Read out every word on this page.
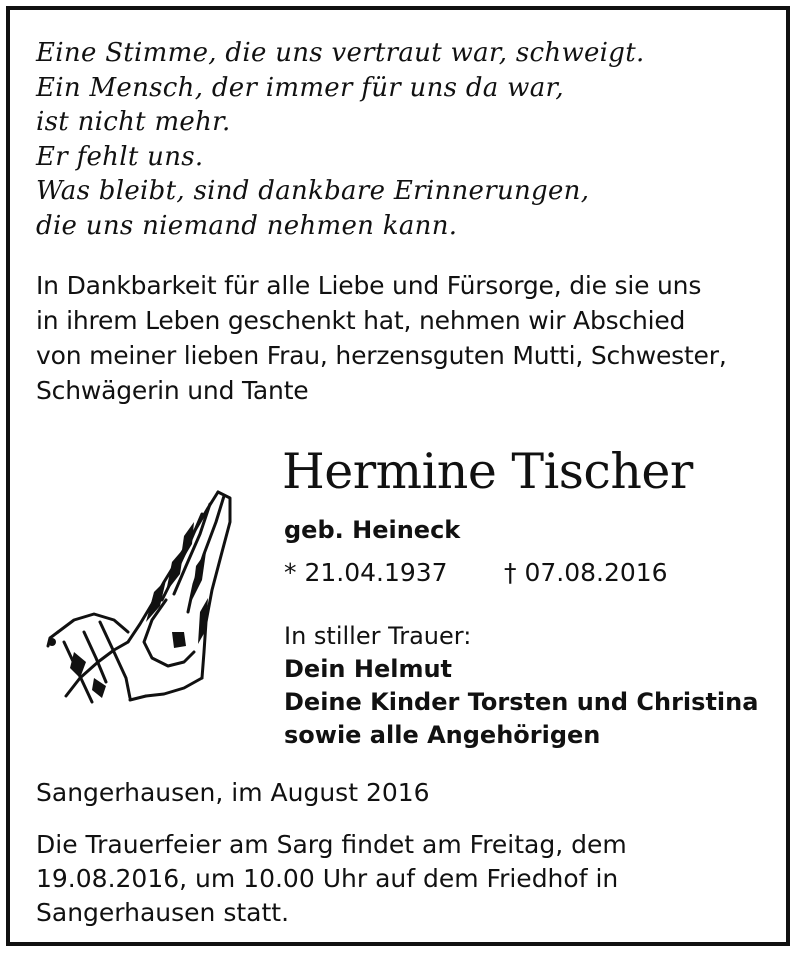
Eine Stimme, die uns vertraut war, schweigt.
Ein Mensch, der immer für uns da war,
ist nicht mehr.
Er fehlt uns.
Was bleibt, sind dankbare Erinnerungen,
die uns niemand nehmen kann.
In Dankbarkeit für alle Liebe und Fürsorge, die sie uns
in ihrem Leben geschenkt hat, nehmen wir Abschied
von meiner lieben Frau, herzensguten Mutti, Schwester,
Schwägerin und Tante
Hermine Tischer
geb. Heineck
* 21.04.1937 † 07.08.2016
In stiller Trauer:
Dein Helmut
Deine Kinder Torsten und Christina
sowie alle Angehörigen
Sangerhausen, im August 2016
Die Trauerfeier am Sarg findet am Freitag, dem
19.08.2016, um 10.00 Uhr auf dem Friedhof in
Sangerhausen statt.
